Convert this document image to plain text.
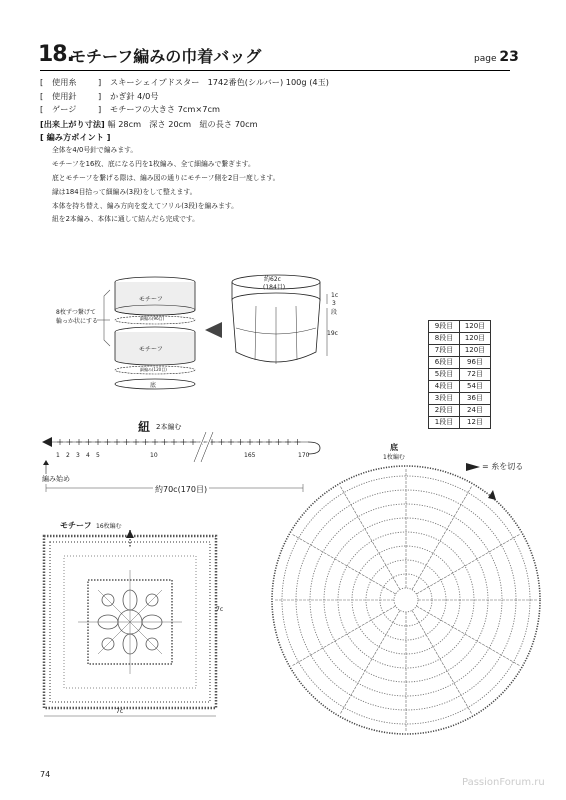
18.
モチーフ編みの巾着バッグ	page 23
[ 使用糸	] スキーシェイプドスター　1742番色(シルバー) 100g (4玉)
[ 使用針	] かぎ針 4/0号
[ ゲージ	] モチーフの大きさ 7cm×7cm
[出来上がり寸法] 幅 28cm　深さ 20cm　紐の長さ 70cm
[ 編み方ポイント ]
全体を4/0号針で編みます。
モチーフを16枚、底になる円を1枚編み、全て細編みで繋ぎます。
底とモチーフを繋げる際は、編み図の通りにモチーフ側を2目一度します。
縁は184目拾って細編み(3段)をして整えます。
本体を持ち替え、編み方向を変えてフリル(3段)を編みます。
紐を2本編み、本体に通して結んだら完成です。
8枚ずつ繋げて
輪っか状にする
モチーフ
モチーフ
細編み(96目)
細編み(120目)
底
約62c
(184目)
1c
3
段
19c
9段目	120目
8段目	120目
7段目	120目
6段目	96目
5段目	72目
4段目	54目
3段目	36目
2段目	24目
1段目	12目
紐 2本編む
1 2 3 4 5	10	165	170
編み始め
約70c(170目)
モチーフ 16枚編む
7c
7c
= 糸を切る
底
1枚編む
74
PassionForum.ru
